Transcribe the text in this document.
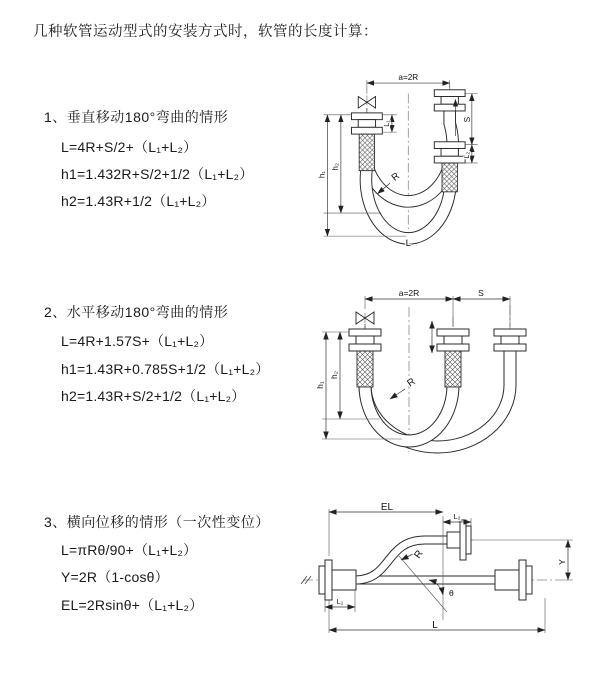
几种软管运动型式的安装方式时，软管的长度计算：
1、垂直移动180°弯曲的情形
L=4R+S/2+（L₁+L₂）
h1=1.432R+S/2+1/2（L₁+L₂）
h2=1.43R+1/2（L₁+L₂）
2、水平移动180°弯曲的情形
L=4R+1.57S+（L₁+L₂）
h1=1.43R+0.785S+1/2（L₁+L₂）
h2=1.43R+S/2+1/2（L₁+L₂）
3、横向位移的情形（一次性变位）
L=πRθ/90+（L₁+L₂）
Y=2R（1-cosθ）
EL=2Rsinθ+（L₁+L₂）
a=2R
S
L₂
L₁
h₁
h₂
R
L
a=2R	S
h₁
h₂
R
EL
L₂
Y
L
L₁
R
θ
